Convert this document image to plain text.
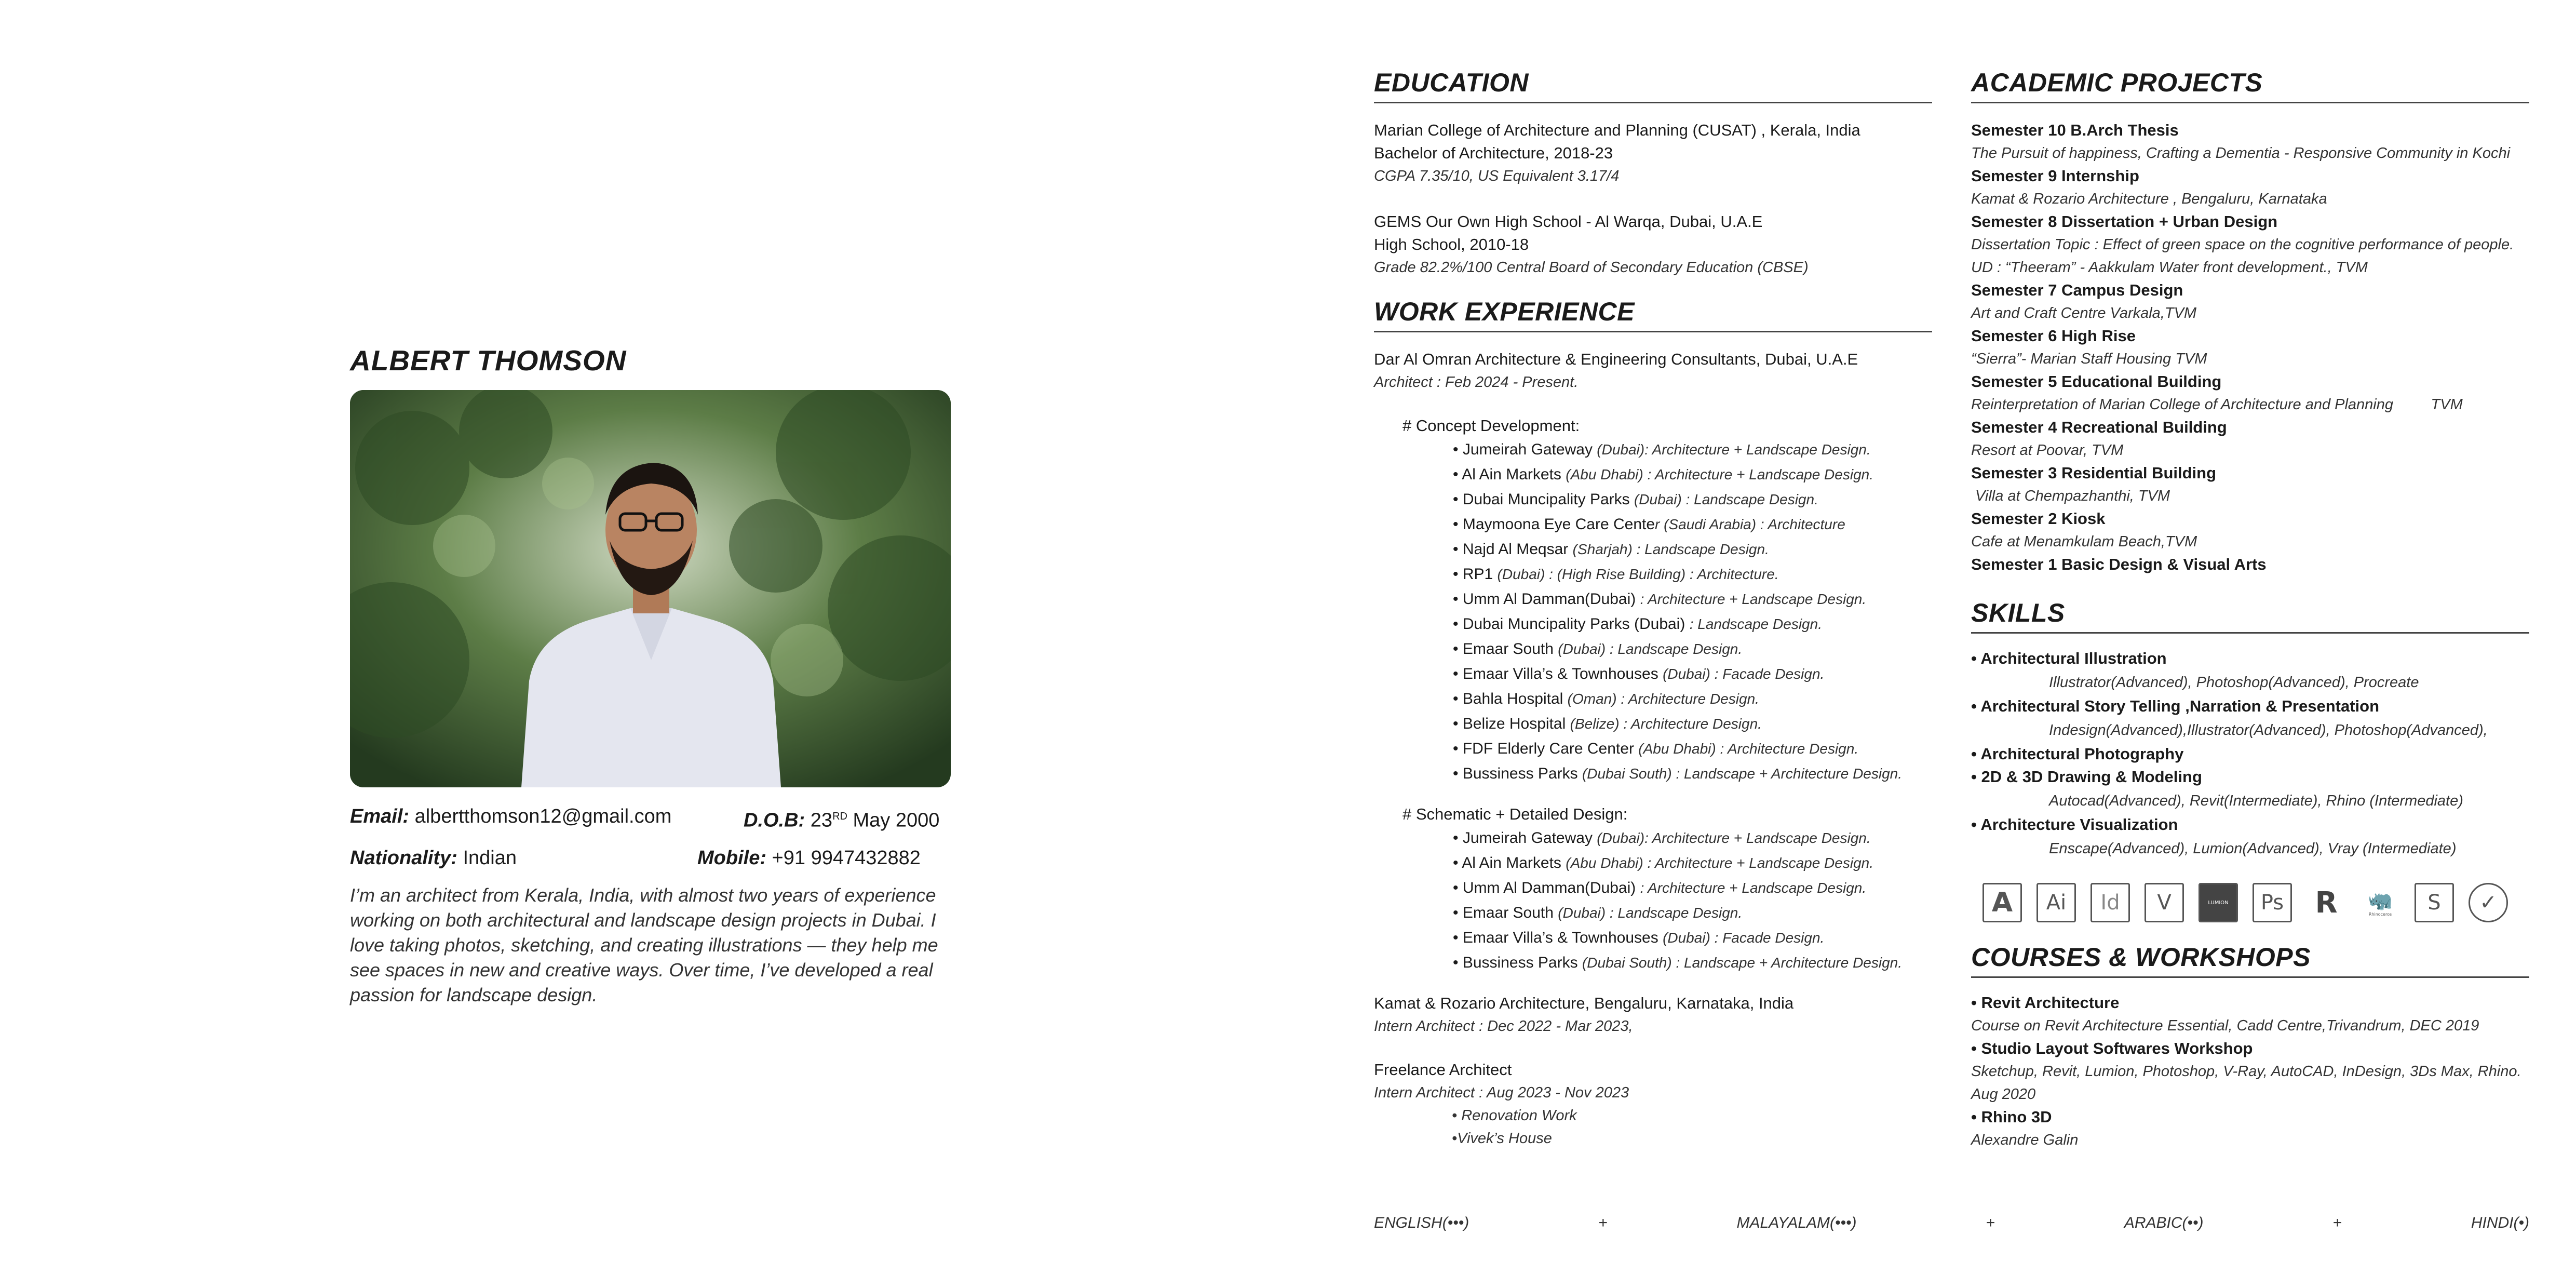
ALBERT THOMSON
Email: albertthomson12@gmail.com	D.O.B: 23RD May 2000
Nationality: Indian	Mobile: +91 9947432882

I’m an architect from Kerala, India, with almost two years of experience working on both architectural and landscape design projects in Dubai. I love taking photos, sketching, and creating illustrations — they help me see spaces in new and creative ways. Over time, I’ve developed a real passion for landscape design.

EDUCATION

Marian College of Architecture and Planning (CUSAT) , Kerala, India

Bachelor of Architecture, 2018-23

CGPA 7.35/10, US Equivalent 3.17/4

GEMS Our Own High School - Al Warqa, Dubai, U.A.E

High School, 2010-18

Grade 82.2%/100 Central Board of Secondary Education (CBSE)

WORK EXPERIENCE

Dar Al Omran Architecture & Engineering Consultants, Dubai, U.A.E

Architect : Feb 2024 - Present.

# Concept Development:

• Jumeirah Gateway (Dubai): Architecture + Landscape Design.

• Al Ain Markets (Abu Dhabi) : Architecture + Landscape Design.

• Dubai Muncipality Parks (Dubai) : Landscape Design.

• Maymoona Eye Care Center (Saudi Arabia) : Architecture

• Najd Al Meqsar (Sharjah) : Landscape Design.

• RP1 (Dubai) : (High Rise Building) : Architecture.

• Umm Al Damman(Dubai) : Architecture + Landscape Design.

• Dubai Muncipality Parks (Dubai) : Landscape Design.

• Emaar South (Dubai) : Landscape Design.

• Emaar Villa’s & Townhouses (Dubai) : Facade Design.

• Bahla Hospital (Oman) : Architecture Design.

• Belize Hospital (Belize) : Architecture Design.

• FDF Elderly Care Center (Abu Dhabi) : Architecture Design.

• Bussiness Parks (Dubai South) : Landscape + Architecture Design.

# Schematic + Detailed Design:

• Jumeirah Gateway (Dubai): Architecture + Landscape Design.

• Al Ain Markets (Abu Dhabi) : Architecture + Landscape Design.

• Umm Al Damman(Dubai) : Architecture + Landscape Design.

• Emaar South (Dubai) : Landscape Design.

• Emaar Villa’s & Townhouses (Dubai) : Facade Design.

• Bussiness Parks (Dubai South) : Landscape + Architecture Design.

Kamat & Rozario Architecture, Bengaluru, Karnataka, India

Intern Architect : Dec 2022 - Mar 2023,

Freelance Architect

Intern Architect : Aug 2023 - Nov 2023

• Renovation Work

•Vivek’s House

ACADEMIC PROJECTS

Semester 10 B.Arch Thesis

The Pursuit of happiness, Crafting a Dementia - Responsive Community in Kochi

Semester 9 Internship

Kamat & Rozario Architecture , Bengaluru, Karnataka

Semester 8 Dissertation + Urban Design

Dissertation Topic : Effect of green space on the cognitive performance of people.

UD : “Theeram” - Aakkulam Water front development., TVM

Semester 7 Campus Design

Art and Craft Centre Varkala,TVM

Semester 6 High Rise

“Sierra”- Marian Staff Housing TVM

Semester 5 Educational Building

Reinterpretation of Marian College of Architecture and Planning         TVM

Semester 4 Recreational Building

Resort at Poovar, TVM

Semester 3 Residential Building

Villa at Chempazhanthi, TVM

Semester 2 Kiosk

Cafe at Menamkulam Beach,TVM

Semester 1 Basic Design & Visual Arts

SKILLS

• Architectural Illustration

Illustrator(Advanced), Photoshop(Advanced), Procreate

• Architectural Story Telling ,Narration & Presentation

Indesign(Advanced),Illustrator(Advanced), Photoshop(Advanced),

• Architectural Photography

• 2D & 3D Drawing & Modeling

Autocad(Advanced), Revit(Intermediate), Rhino (Intermediate)

• Architecture Visualization

Enscape(Advanced), Lumion(Advanced), Vray (Intermediate)

A Ai Id V	LUMION Ps R 🦏
Rhinoceros S ✓
COURSES & WORKSHOPS

• Revit Architecture

Course on Revit Architecture Essential, Cadd Centre,Trivandrum, DEC 2019

• Studio Layout Softwares Workshop

Sketchup, Revit, Lumion, Photoshop, V-Ray, AutoCAD, InDesign, 3Ds Max, Rhino.

Aug 2020

• Rhino 3D

Alexandre Galin

ENGLISH(•••)	+	MALAYALAM(•••)	+	ARABIC(••)	+	HINDI(•)
